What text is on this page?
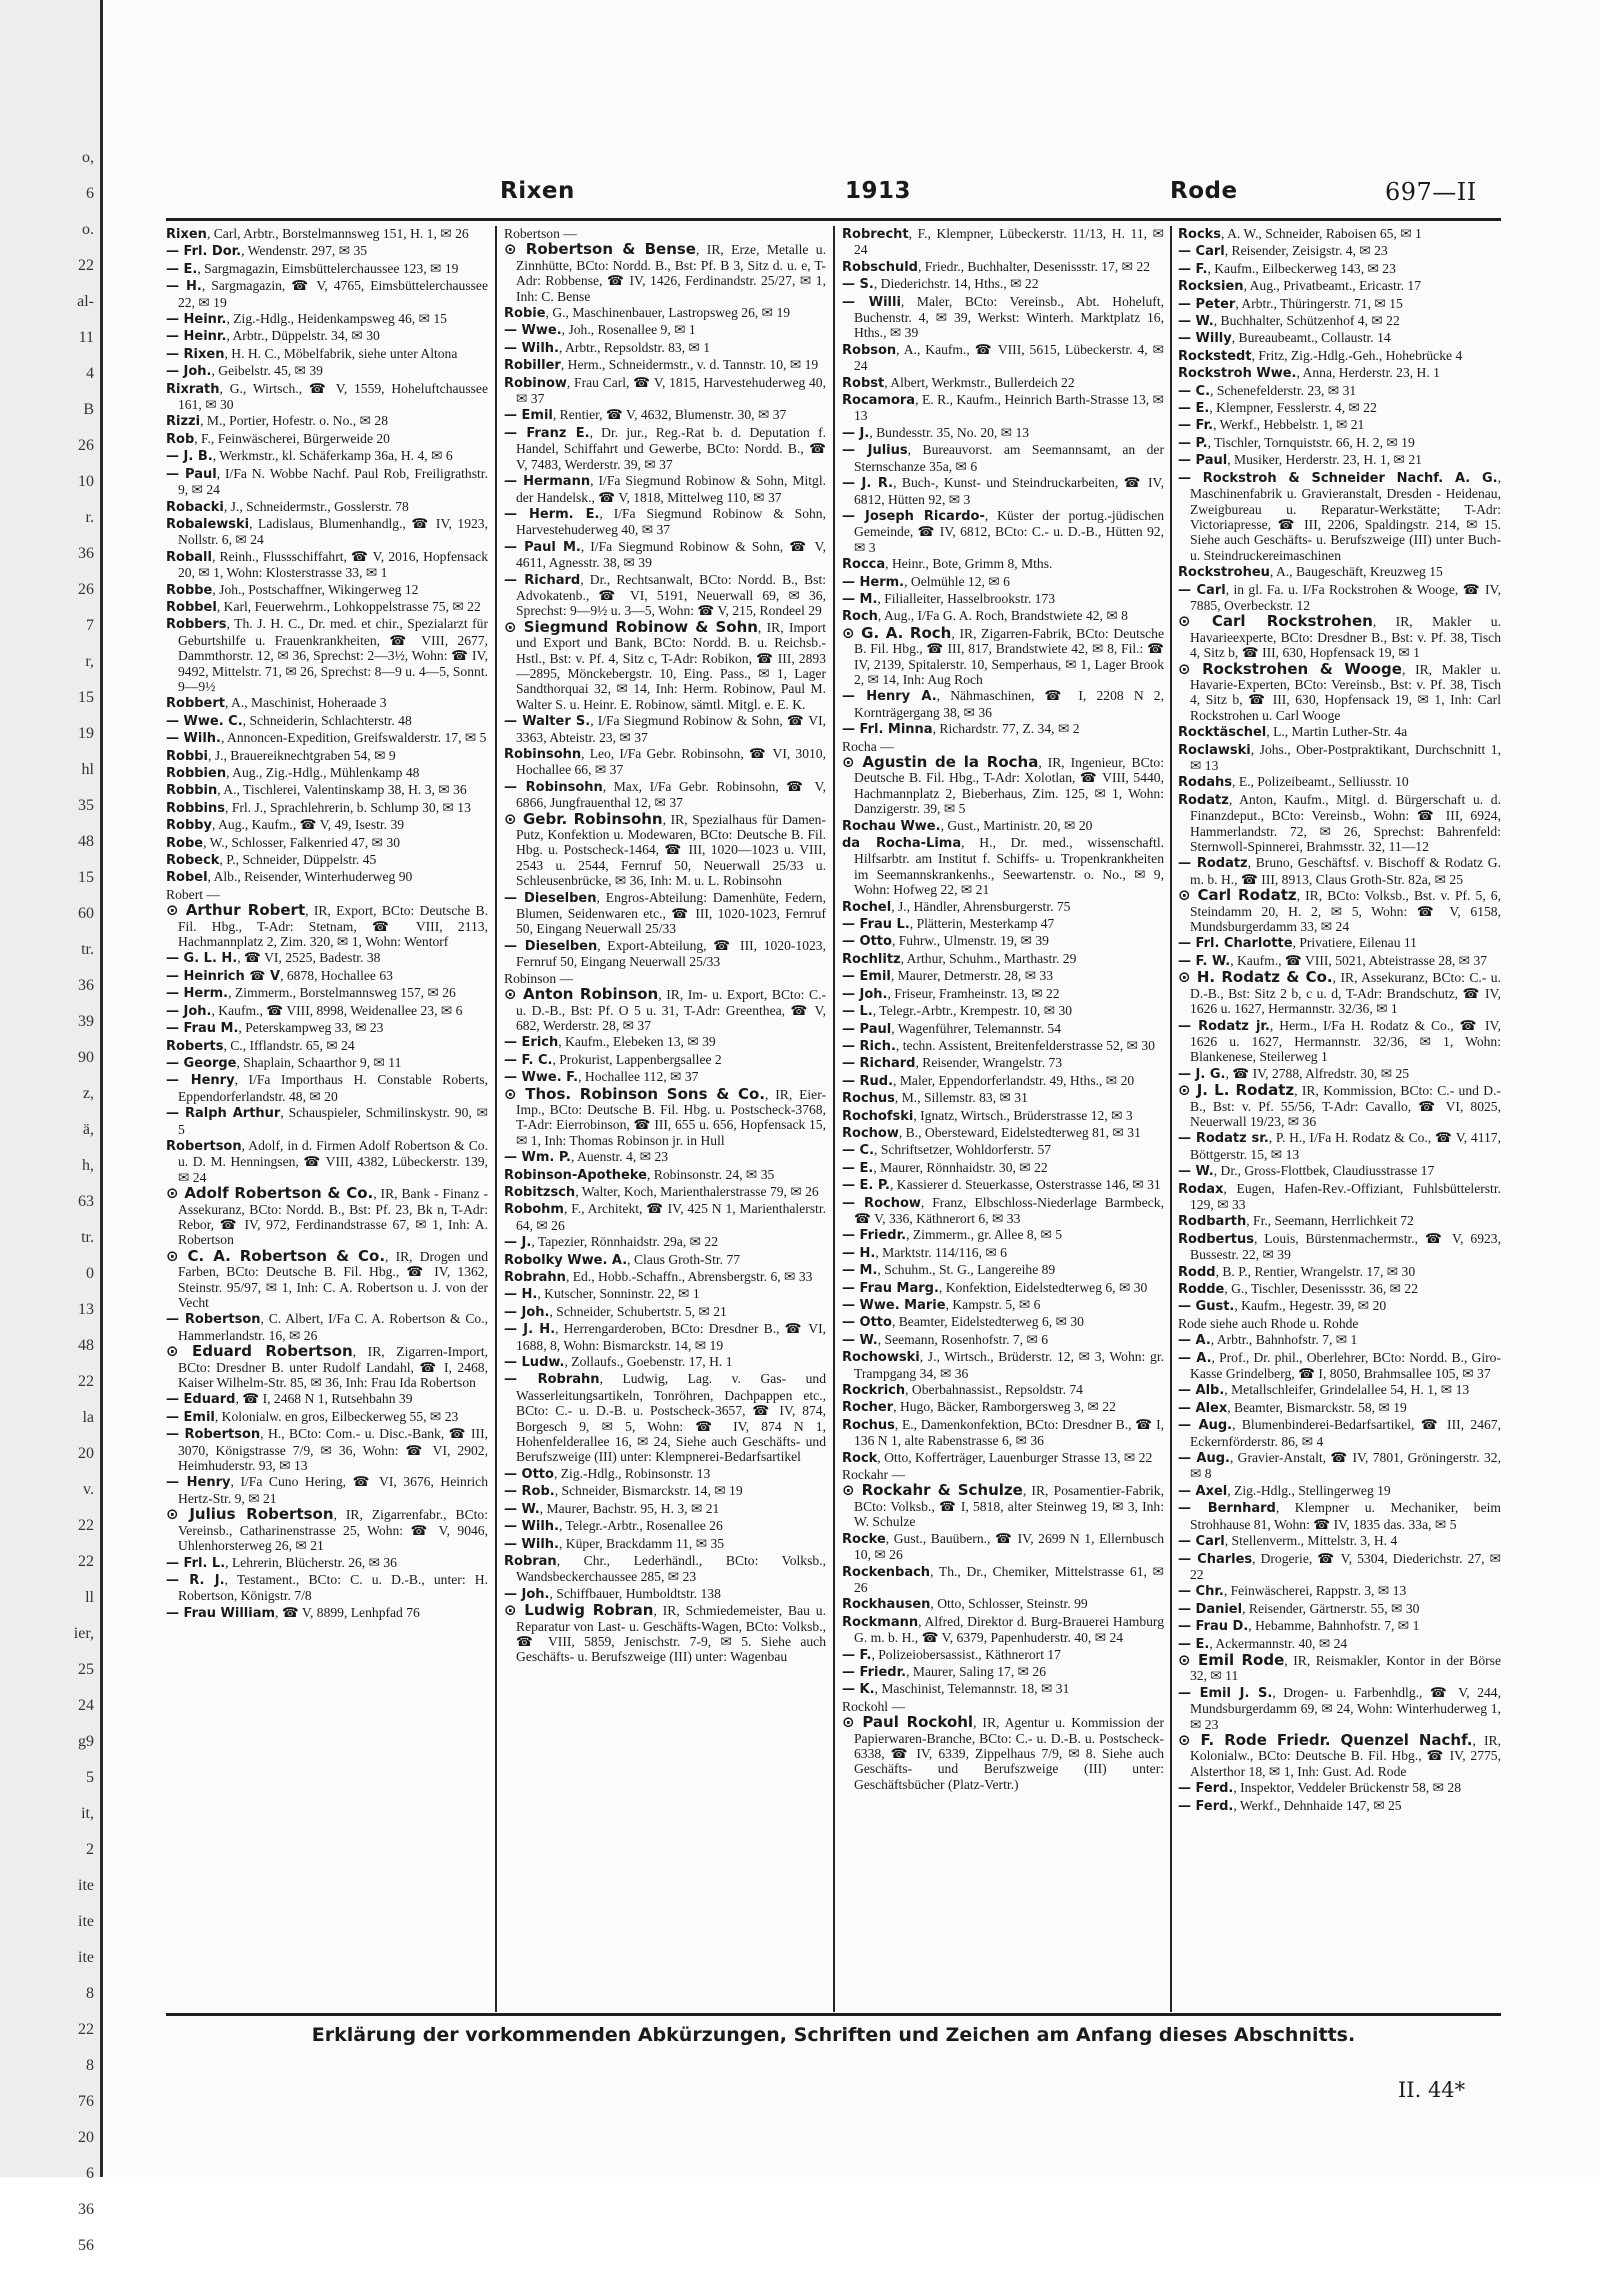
o,
6
o.
22
al-
11
4
B
26
10
r.
36
26
7
r,
15
19
hl
35
48
15
60
tr.
36
39
90
z,
ä,
h,
63
tr.
0
13
48
22
la
20
v.
22
22
ll
ier,
25
24
g9
5
it,
2
ite
ite
ite
8
22
8
76
20
6
36
56
Rixen	1913	Rode	697—II
Rixen, Carl, Arbtr., Borstelmannsweg 151, H. 1, ✉ 26
— Frl. Dor., Wendenstr. 297, ✉ 35
— E., Sargmagazin, Eimsbüttelerchaussee 123, ✉ 19
— H., Sargmagazin, ☎ V, 4765, Eimsbüttelerchaussee 22, ✉ 19
— Heinr., Zig.-Hdlg., Heidenkampsweg 46, ✉ 15
— Heinr., Arbtr., Düppelstr. 34, ✉ 30
— Rixen, H. H. C., Möbelfabrik, siehe unter Altona
— Joh., Geibelstr. 45, ✉ 39
Rixrath, G., Wirtsch., ☎ V, 1559, Hoheluftchaussee 161, ✉ 30
Rizzi, M., Portier, Hofestr. o. No., ✉ 28
Rob, F., Feinwäscherei, Bürgerweide 20
— J. B., Werkmstr., kl. Schäferkamp 36a, H. 4, ✉ 6
— Paul, I/Fa N. Wobbe Nachf. Paul Rob, Freiligrathstr. 9, ✉ 24
Robacki, J., Schneidermstr., Gosslerstr. 78
Robalewski, Ladislaus, Blumenhandlg., ☎ IV, 1923, Nollstr. 6, ✉ 24
Roball, Reinh., Flussschiffahrt, ☎ V, 2016, Hopfensack 20, ✉ 1, Wohn: Klosterstrasse 33, ✉ 1
Robbe, Joh., Postschaffner, Wikingerweg 12
Robbel, Karl, Feuerwehrm., Lohkoppelstrasse 75, ✉ 22
Robbers, Th. J. H. C., Dr. med. et chir., Spezialarzt für Geburtshilfe u. Frauenkrankheiten, ☎ VIII, 2677, Dammthorstr. 12, ✉ 36, Sprechst: 2—3½, Wohn: ☎ IV, 9492, Mittelstr. 71, ✉ 26, Sprechst: 8—9 u. 4—5, Sonnt. 9—9½
Robbert, A., Maschinist, Hoheraade 3
— Wwe. C., Schneiderin, Schlachterstr. 48
— Wilh., Annoncen-Expedition, Greifswalderstr. 17, ✉ 5
Robbi, J., Brauereiknechtgraben 54, ✉ 9
Robbien, Aug., Zig.-Hdlg., Mühlenkamp 48
Robbin, A., Tischlerei, Valentinskamp 38, H. 3, ✉ 36
Robbins, Frl. J., Sprachlehrerin, b. Schlump 30, ✉ 13
Robby, Aug., Kaufm., ☎ V, 49, Isestr. 39
Robe, W., Schlosser, Falkenried 47, ✉ 30
Robeck, P., Schneider, Düppelstr. 45
Robel, Alb., Reisender, Winterhuderweg 90
Robert —
⊙ Arthur Robert, IR, Export, BCto: Deutsche B. Fil. Hbg., T-Adr: Stetnam, ☎ VIII, 2113, Hachmannplatz 2, Zim. 320, ✉ 1, Wohn: Wentorf
— G. L. H., ☎ VI, 2525, Badestr. 38
— Heinrich ☎ V, 6878, Hochallee 63
— Herm., Zimmerm., Borstelmannsweg 157, ✉ 26
— Joh., Kaufm., ☎ VIII, 8998, Weidenallee 23, ✉ 6
— Frau M., Peterskampweg 33, ✉ 23
Roberts, C., Ifflandstr. 65, ✉ 24
— George, Shaplain, Schaarthor 9, ✉ 11
— Henry, I/Fa Importhaus H. Constable Roberts, Eppendorferlandstr. 48, ✉ 20
— Ralph Arthur, Schauspieler, Schmilinskystr. 90, ✉ 5
Robertson, Adolf, in d. Firmen Adolf Robertson & Co. u. D. M. Henningsen, ☎ VIII, 4382, Lübeckerstr. 139, ✉ 24
⊙ Adolf Robertson & Co., IR, Bank - Finanz - Assekuranz, BCto: Nordd. B., Bst: Pf. 23, Bk n, T-Adr: Rebor, ☎ IV, 972, Ferdinandstrasse 67, ✉ 1, Inh: A. Robertson
⊙ C. A. Robertson & Co., IR, Drogen und Farben, BCto: Deutsche B. Fil. Hbg., ☎ IV, 1362, Steinstr. 95/97, ✉ 1, Inh: C. A. Robertson u. J. von der Vecht
— Robertson, C. Albert, I/Fa C. A. Robertson & Co., Hammerlandstr. 16, ✉ 26
⊙ Eduard Robertson, IR, Zigarren-Import, BCto: Dresdner B. unter Rudolf Landahl, ☎ I, 2468, Kaiser Wilhelm-Str. 85, ✉ 36, Inh: Frau Ida Robertson
— Eduard, ☎ I, 2468 N 1, Rutsehbahn 39
— Emil, Kolonialw. en gros, Eilbeckerweg 55, ✉ 23
— Robertson, H., BCto: Com.- u. Disc.-Bank, ☎ III, 3070, Königstrasse 7/9, ✉ 36, Wohn: ☎ VI, 2902, Heimhuderstr. 93, ✉ 13
— Henry, I/Fa Cuno Hering, ☎ VI, 3676, Heinrich Hertz-Str. 9, ✉ 21
⊙ Julius Robertson, IR, Zigarrenfabr., BCto: Vereinsb., Catharinenstrasse 25, Wohn: ☎ V, 9046, Uhlenhorsterweg 26, ✉ 21
— Frl. L., Lehrerin, Blücherstr. 26, ✉ 36
— R. J., Testament., BCto: C. u. D.-B., unter: H. Robertson, Königstr. 7/8
— Frau William, ☎ V, 8899, Lenhpfad 76
Robertson —
⊙ Robertson & Bense, IR, Erze, Metalle u. Zinnhütte, BCto: Nordd. B., Bst: Pf. B 3, Sitz d. u. e, T-Adr: Robbense, ☎ IV, 1426, Ferdinandstr. 25/27, ✉ 1, Inh: C. Bense
Robie, G., Maschinenbauer, Lastropsweg 26, ✉ 19
— Wwe., Joh., Rosenallee 9, ✉ 1
— Wilh., Arbtr., Repsoldstr. 83, ✉ 1
Robiller, Herm., Schneidermstr., v. d. Tannstr. 10, ✉ 19
Robinow, Frau Carl, ☎ V, 1815, Harvestehuderweg 40, ✉ 37
— Emil, Rentier, ☎ V, 4632, Blumenstr. 30, ✉ 37
— Franz E., Dr. jur., Reg.-Rat b. d. Deputation f. Handel, Schiffahrt und Gewerbe, BCto: Nordd. B., ☎ V, 7483, Werderstr. 39, ✉ 37
— Hermann, I/Fa Siegmund Robinow & Sohn, Mitgl. der Handelsk., ☎ V, 1818, Mittelweg 110, ✉ 37
— Herm. E., I/Fa Siegmund Robinow & Sohn, Harvestehuderweg 40, ✉ 37
— Paul M., I/Fa Siegmund Robinow & Sohn, ☎ V, 4611, Agnesstr. 38, ✉ 39
— Richard, Dr., Rechtsanwalt, BCto: Nordd. B., Bst: Advokatenb., ☎ VI, 5191, Neuerwall 69, ✉ 36, Sprechst: 9—9½ u. 3—5, Wohn: ☎ V, 215, Rondeel 29
⊙ Siegmund Robinow & Sohn, IR, Import und Export und Bank, BCto: Nordd. B. u. Reichsb.-Hstl., Bst: v. Pf. 4, Sitz c, T-Adr: Robikon, ☎ III, 2893—2895, Mönckebergstr. 10, Eing. Pass., ✉ 1, Lager Sandthorquai 32, ✉ 14, Inh: Herm. Robinow, Paul M. Walter S. u. Heinr. E. Robinow, sämtl. Mitgl. e. E. K.
— Walter S., I/Fa Siegmund Robinow & Sohn, ☎ VI, 3363, Abteistr. 23, ✉ 37
Robinsohn, Leo, I/Fa Gebr. Robinsohn, ☎ VI, 3010, Hochallee 66, ✉ 37
— Robinsohn, Max, I/Fa Gebr. Robinsohn, ☎ V, 6866, Jungfrauenthal 12, ✉ 37
⊙ Gebr. Robinsohn, IR, Spezialhaus für Damen-Putz, Konfektion u. Modewaren, BCto: Deutsche B. Fil. Hbg. u. Postscheck-1464, ☎ III, 1020—1023 u. VIII, 2543 u. 2544, Fernruf 50, Neuerwall 25/33 u. Schleusenbrücke, ✉ 36, Inh: M. u. L. Robinsohn
— Dieselben, Engros-Abteilung: Damenhüte, Federn, Blumen, Seidenwaren etc., ☎ III, 1020-1023, Fernruf 50, Eingang Neuerwall 25/33
— Dieselben, Export-Abteilung, ☎ III, 1020-1023, Fernruf 50, Eingang Neuerwall 25/33
Robinson —
⊙ Anton Robinson, IR, Im- u. Export, BCto: C.- u. D.-B., Bst: Pf. O 5 u. 31, T-Adr: Greenthea, ☎ V, 682, Werderstr. 28, ✉ 37
— Erich, Kaufm., Elebeken 13, ✉ 39
— F. C., Prokurist, Lappenbergsallee 2
— Wwe. F., Hochallee 112, ✉ 37
⊙ Thos. Robinson Sons & Co., IR, Eier-Imp., BCto: Deutsche B. Fil. Hbg. u. Postscheck-3768, T-Adr: Eierrobinson, ☎ III, 655 u. 656, Hopfensack 15, ✉ 1, Inh: Thomas Robinson jr. in Hull
— Wm. P., Auenstr. 4, ✉ 23
Robinson-Apotheke, Robinsonstr. 24, ✉ 35
Robitzsch, Walter, Koch, Marienthalerstrasse 79, ✉ 26
Robohm, F., Architekt, ☎ IV, 425 N 1, Marienthalerstr. 64, ✉ 26
— J., Tapezier, Rönnhaidstr. 29a, ✉ 22
Robolky Wwe. A., Claus Groth-Str. 77
Robrahn, Ed., Hobb.-Schaffn., Abrensbergstr. 6, ✉ 33
— H., Kutscher, Sonninstr. 22, ✉ 1
— Joh., Schneider, Schubertstr. 5, ✉ 21
— J. H., Herrengarderoben, BCto: Dresdner B., ☎ VI, 1688, 8, Wohn: Bismarckstr. 14, ✉ 19
— Ludw., Zollaufs., Goebenstr. 17, H. 1
— Robrahn, Ludwig, Lag. v. Gas- und Wasserleitungsartikeln, Tonröhren, Dachpappen etc., BCto: C.- u. D.-B. u. Postscheck-3657, ☎ IV, 874, Borgesch 9, ✉ 5, Wohn: ☎ IV, 874 N 1, Hohenfelderallee 16, ✉ 24, Siehe auch Geschäfts- und Berufszweige (III) unter: Klempnerei-Bedarfsartikel
— Otto, Zig.-Hdlg., Robinsonstr. 13
— Rob., Schneider, Bismarckstr. 14, ✉ 19
— W., Maurer, Bachstr. 95, H. 3, ✉ 21
— Wilh., Telegr.-Arbtr., Rosenallee 26
— Wilh., Küper, Brackdamm 11, ✉ 35
Robran, Chr., Lederhändl., BCto: Volksb., Wandsbeckerchaussee 285, ✉ 23
— Joh., Schiffbauer, Humboldtstr. 138
⊙ Ludwig Robran, IR, Schmiedemeister, Bau u. Reparatur von Last- u. Geschäfts-Wagen, BCto: Volksb., ☎ VIII, 5859, Jenischstr. 7-9, ✉ 5. Siehe auch Geschäfts- u. Berufszweige (III) unter: Wagenbau
Robrecht, F., Klempner, Lübeckerstr. 11/13, H. 11, ✉ 24
Robschuld, Friedr., Buchhalter, Desenissstr. 17, ✉ 22
— S., Diederichstr. 14, Hths., ✉ 22
— Willi, Maler, BCto: Vereinsb., Abt. Hoheluft, Buchenstr. 4, ✉ 39, Werkst: Winterh. Marktplatz 16, Hths., ✉ 39
Robson, A., Kaufm., ☎ VIII, 5615, Lübeckerstr. 4, ✉ 24
Robst, Albert, Werkmstr., Bullerdeich 22
Rocamora, E. R., Kaufm., Heinrich Barth-Strasse 13, ✉ 13
— J., Bundesstr. 35, No. 20, ✉ 13
— Julius, Bureauvorst. am Seemannsamt, an der Sternschanze 35a, ✉ 6
— J. R., Buch-, Kunst- und Steindruckarbeiten, ☎ IV, 6812, Hütten 92, ✉ 3
— Joseph Ricardo-, Küster der portug.-jüdischen Gemeinde, ☎ IV, 6812, BCto: C.- u. D.-B., Hütten 92, ✉ 3
Rocca, Heinr., Bote, Grimm 8, Mths.
— Herm., Oelmühle 12, ✉ 6
— M., Filialleiter, Hasselbrookstr. 173
Roch, Aug., I/Fa G. A. Roch, Brandstwiete 42, ✉ 8
⊙ G. A. Roch, IR, Zigarren-Fabrik, BCto: Deutsche B. Fil. Hbg., ☎ III, 817, Brandstwiete 42, ✉ 8, Fil.: ☎ IV, 2139, Spitalerstr. 10, Semperhaus, ✉ 1, Lager Brook 2, ✉ 14, Inh: Aug Roch
— Henry A., Nähmaschinen, ☎ I, 2208 N 2, Kornträgergang 38, ✉ 36
— Frl. Minna, Richardstr. 77, Z. 34, ✉ 2
Rocha —
⊙ Agustin de la Rocha, IR, Ingenieur, BCto: Deutsche B. Fil. Hbg., T-Adr: Xolotlan, ☎ VIII, 5440, Hachmannplatz 2, Bieberhaus, Zim. 125, ✉ 1, Wohn: Danzigerstr. 39, ✉ 5
Rochau Wwe., Gust., Martinistr. 20, ✉ 20
da Rocha-Lima, H., Dr. med., wissenschaftl. Hilfsarbtr. am Institut f. Schiffs- u. Tropenkrankheiten im Seemannskrankenhs., Seewartenstr. o. No., ✉ 9, Wohn: Hofweg 22, ✉ 21
Rochel, J., Händler, Ahrensburgerstr. 75
— Frau L., Plätterin, Mesterkamp 47
— Otto, Fuhrw., Ulmenstr. 19, ✉ 39
Rochlitz, Arthur, Schuhm., Marthastr. 29
— Emil, Maurer, Detmerstr. 28, ✉ 33
— Joh., Friseur, Framheinstr. 13, ✉ 22
— L., Telegr.-Arbtr., Krempestr. 10, ✉ 30
— Paul, Wagenführer, Telemannstr. 54
— Rich., techn. Assistent, Breitenfelderstrasse 52, ✉ 30
— Richard, Reisender, Wrangelstr. 73
— Rud., Maler, Eppendorferlandstr. 49, Hths., ✉ 20
Rochus, M., Sillemstr. 83, ✉ 31
Rochofski, Ignatz, Wirtsch., Brüderstrasse 12, ✉ 3
Rochow, B., Obersteward, Eidelstedterweg 81, ✉ 31
— C., Schriftsetzer, Wohldorferstr. 57
— E., Maurer, Rönnhaidstr. 30, ✉ 22
— E. P., Kassierer d. Steuerkasse, Osterstrasse 146, ✉ 31
— Rochow, Franz, Elbschloss-Niederlage Barmbeck, ☎ V, 336, Käthnerort 6, ✉ 33
— Friedr., Zimmerm., gr. Allee 8, ✉ 5
— H., Marktstr. 114/116, ✉ 6
— M., Schuhm., St. G., Langereihe 89
— Frau Marg., Konfektion, Eidelstedterweg 6, ✉ 30
— Wwe. Marie, Kampstr. 5, ✉ 6
— Otto, Beamter, Eidelstedterweg 6, ✉ 30
— W., Seemann, Rosenhofstr. 7, ✉ 6
Rochowski, J., Wirtsch., Brüderstr. 12, ✉ 3, Wohn: gr. Trampgang 34, ✉ 36
Rockrich, Oberbahnassist., Repsoldstr. 74
Rocher, Hugo, Bäcker, Ramborgersweg 3, ✉ 22
Rochus, E., Damenkonfektion, BCto: Dresdner B., ☎ I, 136 N 1, alte Rabenstrasse 6, ✉ 36
Rock, Otto, Kofferträger, Lauenburger Strasse 13, ✉ 22
Rockahr —
⊙ Rockahr & Schulze, IR, Posamentier-Fabrik, BCto: Volksb., ☎ I, 5818, alter Steinweg 19, ✉ 3, Inh: W. Schulze
Rocke, Gust., Bauübern., ☎ IV, 2699 N 1, Ellernbusch 10, ✉ 26
Rockenbach, Th., Dr., Chemiker, Mittelstrasse 61, ✉ 26
Rockhausen, Otto, Schlosser, Steinstr. 99
Rockmann, Alfred, Direktor d. Burg-Brauerei Hamburg G. m. b. H., ☎ V, 6379, Papenhuderstr. 40, ✉ 24
— F., Polizeiobersassist., Käthnerort 17
— Friedr., Maurer, Saling 17, ✉ 26
— K., Maschinist, Telemannstr. 18, ✉ 31
Rockohl —
⊙ Paul Rockohl, IR, Agentur u. Kommission der Papierwaren-Branche, BCto: C.- u. D.-B. u. Postscheck-6338, ☎ IV, 6339, Zippelhaus 7/9, ✉ 8. Siehe auch Geschäfts- und Berufszweige (III) unter: Geschäftsbücher (Platz-Vertr.)
Rocks, A. W., Schneider, Raboisen 65, ✉ 1
— Carl, Reisender, Zeisigstr. 4, ✉ 23
— F., Kaufm., Eilbeckerweg 143, ✉ 23
Rocksien, Aug., Privatbeamt., Ericastr. 17
— Peter, Arbtr., Thüringerstr. 71, ✉ 15
— W., Buchhalter, Schützenhof 4, ✉ 22
— Willy, Bureaubeamt., Collaustr. 14
Rockstedt, Fritz, Zig.-Hdlg.-Geh., Hohebrücke 4
Rockstroh Wwe., Anna, Herderstr. 23, H. 1
— C., Schenefelderstr. 23, ✉ 31
— E., Klempner, Fesslerstr. 4, ✉ 22
— Fr., Werkf., Hebbelstr. 1, ✉ 21
— P., Tischler, Tornquiststr. 66, H. 2, ✉ 19
— Paul, Musiker, Herderstr. 23, H. 1, ✉ 21
— Rockstroh & Schneider Nachf. A. G., Maschinenfabrik u. Gravieranstalt, Dresden - Heidenau, Zweigbureau u. Reparatur-Werkstätte; T-Adr: Victoriapresse, ☎ III, 2206, Spaldingstr. 214, ✉ 15. Siehe auch Geschäfts- u. Berufszweige (III) unter Buch- u. Steindruckereimaschinen
Rockstroheu, A., Baugeschäft, Kreuzweg 15
— Carl, in gl. Fa. u. I/Fa Rockstrohen & Wooge, ☎ IV, 7885, Overbeckstr. 12
⊙ Carl Rockstrohen, IR, Makler u. Havarieexperte, BCto: Dresdner B., Bst: v. Pf. 38, Tisch 4, Sitz b, ☎ III, 630, Hopfensack 19, ✉ 1
⊙ Rockstrohen & Wooge, IR, Makler u. Havarie-Experten, BCto: Vereinsb., Bst: v. Pf. 38, Tisch 4, Sitz b, ☎ III, 630, Hopfensack 19, ✉ 1, Inh: Carl Rockstrohen u. Carl Wooge
Rocktäschel, L., Martin Luther-Str. 4a
Roclawski, Johs., Ober-Postpraktikant, Durchschnitt 1, ✉ 13
Rodahs, E., Polizeibeamt., Selliusstr. 10
Rodatz, Anton, Kaufm., Mitgl. d. Bürgerschaft u. d. Finanzdeput., BCto: Vereinsb., Wohn: ☎ III, 6924, Hammerlandstr. 72, ✉ 26, Sprechst: Bahrenfeld: Sternwoll-Spinnerei, Brahmsstr. 32, 11—12
— Rodatz, Bruno, Geschäftsf. v. Bischoff & Rodatz G. m. b. H., ☎ III, 8913, Claus Groth-Str. 82a, ✉ 25
⊙ Carl Rodatz, IR, BCto: Volksb., Bst. v. Pf. 5, 6, Steindamm 20, H. 2, ✉ 5, Wohn: ☎ V, 6158, Mundsburgerdamm 33, ✉ 24
— Frl. Charlotte, Privatiere, Eilenau 11
— F. W., Kaufm., ☎ VIII, 5021, Abteistrasse 28, ✉ 37
⊙ H. Rodatz & Co., IR, Assekuranz, BCto: C.- u. D.-B., Bst: Sitz 2 b, c u. d, T-Adr: Brandschutz, ☎ IV, 1626 u. 1627, Hermannstr. 32/36, ✉ 1
— Rodatz jr., Herm., I/Fa H. Rodatz & Co., ☎ IV, 1626 u. 1627, Hermannstr. 32/36, ✉ 1, Wohn: Blankenese, Steilerweg 1
— J. G., ☎ IV, 2788, Alfredstr. 30, ✉ 25
⊙ J. L. Rodatz, IR, Kommission, BCto: C.- und D.-B., Bst: v. Pf. 55/56, T-Adr: Cavallo, ☎ VI, 8025, Neuerwall 19/23, ✉ 36
— Rodatz sr., P. H., I/Fa H. Rodatz & Co., ☎ V, 4117, Böttgerstr. 15, ✉ 13
— W., Dr., Gross-Flottbek, Claudiusstrasse 17
Rodax, Eugen, Hafen-Rev.-Offiziant, Fuhlsbüttelerstr. 129, ✉ 33
Rodbarth, Fr., Seemann, Herrlichkeit 72
Rodbertus, Louis, Bürstenmachermstr., ☎ V, 6923, Bussestr. 22, ✉ 39
Rodd, B. P., Rentier, Wrangelstr. 17, ✉ 30
Rodde, G., Tischler, Desenissstr. 36, ✉ 22
— Gust., Kaufm., Hegestr. 39, ✉ 20
Rode siehe auch Rhode u. Rohde
— A., Arbtr., Bahnhofstr. 7, ✉ 1
— A., Prof., Dr. phil., Oberlehrer, BCto: Nordd. B., Giro-Kasse Grindelberg, ☎ I, 8050, Brahmsallee 105, ✉ 37
— Alb., Metallschleifer, Grindelallee 54, H. 1, ✉ 13
— Alex, Beamter, Bismarckstr. 58, ✉ 19
— Aug., Blumenbinderei-Bedarfsartikel, ☎ III, 2467, Eckernförderstr. 86, ✉ 4
— Aug., Gravier-Anstalt, ☎ IV, 7801, Gröningerstr. 32, ✉ 8
— Axel, Zig.-Hdlg., Stellingerweg 19
— Bernhard, Klempner u. Mechaniker, beim Strohhause 81, Wohn: ☎ IV, 1835 das. 33a, ✉ 5
— Carl, Stellenverm., Mittelstr. 3, H. 4
— Charles, Drogerie, ☎ V, 5304, Diederichstr. 27, ✉ 22
— Chr., Feinwäscherei, Rappstr. 3, ✉ 13
— Daniel, Reisender, Gärtnerstr. 55, ✉ 30
— Frau D., Hebamme, Bahnhofstr. 7, ✉ 1
— E., Ackermannstr. 40, ✉ 24
⊙ Emil Rode, IR, Reismakler, Kontor in der Börse 32, ✉ 11
— Emil J. S., Drogen- u. Farbenhdlg., ☎ V, 244, Mundsburgerdamm 69, ✉ 24, Wohn: Winterhuderweg 1, ✉ 23
⊙ F. Rode Friedr. Quenzel Nachf., IR, Kolonialw., BCto: Deutsche B. Fil. Hbg., ☎ IV, 2775, Alsterthor 18, ✉ 1, Inh: Gust. Ad. Rode
— Ferd., Inspektor, Veddeler Brückenstr 58, ✉ 28
— Ferd., Werkf., Dehnhaide 147, ✉ 25
Erklärung der vorkommenden Abkürzungen, Schriften und Zeichen am Anfang dieses Abschnitts.
II. 44*
